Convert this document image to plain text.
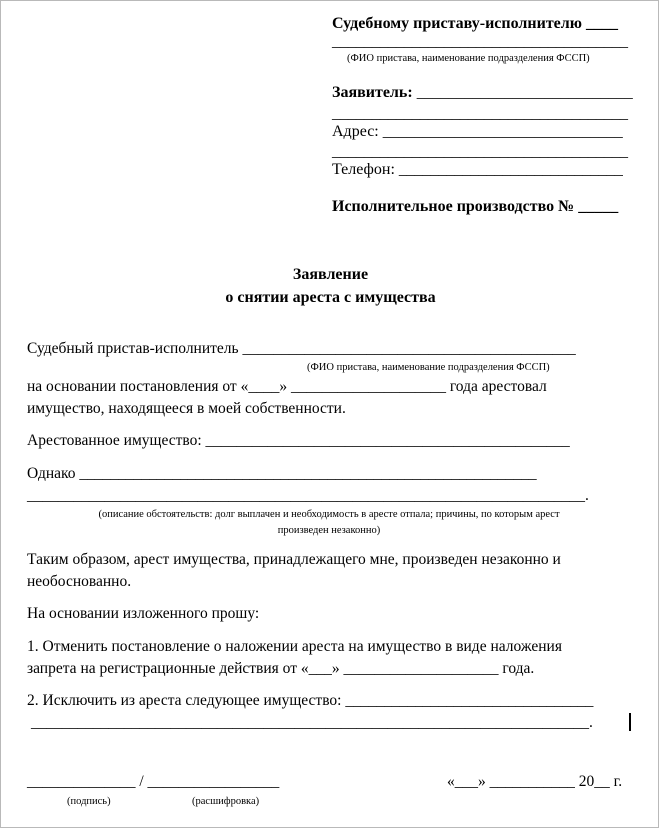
Судебному приставу-исполнителю ____
_____________________________________
(ФИО пристава, наименование подразделения ФССП)
Заявитель: ___________________________
_____________________________________
Адрес: ______________________________
_____________________________________
Телефон: ____________________________
Исполнительное производство № _____
Заявление
о снятии ареста с имущества
Судебный пристав-исполнитель ___________________________________________
(ФИО пристава, наименование подразделения ФССП)
на основании постановления от «____» ____________________ года арестовал
имущество, находящееся в моей собственности.
Арестованное имущество: _______________________________________________
Однако ___________________________________________________________
________________________________________________________________________.
(описание обстоятельств: долг выплачен и необходимость в аресте отпала; причины, по которым арест
произведен незаконно)
Таким образом, арест имущества, принадлежащего мне, произведен незаконно и
необоснованно.
На основании изложенного прошу:
1. Отменить постановление о наложении ареста на имущество в виде наложения
запрета на регистрационные действия от «___» ____________________ года.
2. Исключить из ареста следующее имущество: ________________________________
________________________________________________________________________.
______________ / _________________
(подпись)	(расшифровка)
«___» ___________ 20__ г.
